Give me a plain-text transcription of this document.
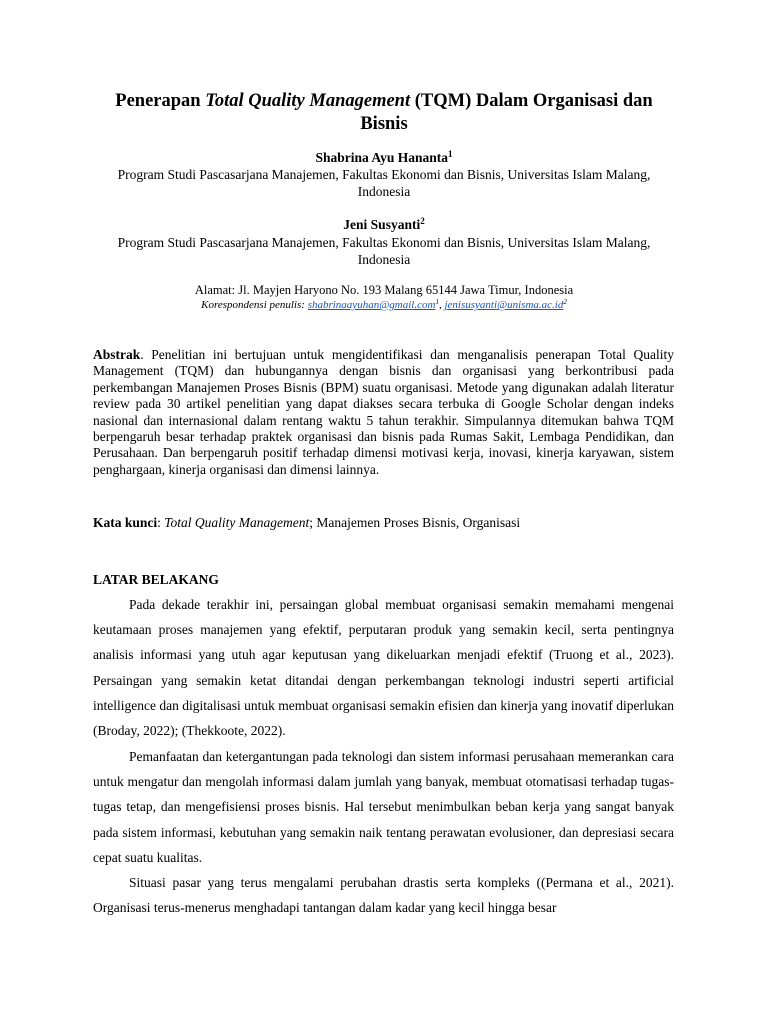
Penerapan Total Quality Management (TQM) Dalam Organisasi dan Bisnis
Shabrina Ayu Hananta$^1$

Program Studi Pascasarjana Manajemen, Fakultas Ekonomi dan Bisnis, Universitas Islam Malang, Indonesia

Jeni Susyanti$^2$

Program Studi Pascasarjana Manajemen, Fakultas Ekonomi dan Bisnis, Universitas Islam Malang, Indonesia

Alamat: Jl. Mayjen Haryono No. 193 Malang 65144 Jawa Timur, Indonesia
Korespondensi penulis: shabrinaayuhan@gmail.com$^1$, $jenisusyanti@unisma.ac.id^2$

Abstrak. Penelitian ini bertujuan untuk mengidentifikasi dan menganalisis penerapan Total Quality Management (TQM) dan hubungannya dengan bisnis dan organisasi yang berkontribusi pada perkembangan Manajemen Proses Bisnis (BPM) suatu organisasi. Metode yang digunakan adalah literatur review pada 30 artikel penelitian yang dapat diakses secara terbuka di Google Scholar dengan indeks nasional dan internasional dalam rentang waktu 5 tahun terakhir. Simpulannya ditemukan bahwa TQM berpengaruh besar terhadap praktek organisasi dan bisnis pada Rumas Sakit, Lembaga Pendidikan, dan Perusahaan. Dan berpengaruh positif terhadap dimensi motivasi kerja, inovasi, kinerja karyawan, sistem penghargaan, kinerja organisasi dan dimensi lainnya.

Kata kunci: Total Quality Management; Manajemen Proses Bisnis, Organisasi

LATAR BELAKANG

Pada dekade terakhir ini, persaingan global membuat organisasi semakin memahami mengenai keutamaan proses manajemen yang efektif, perputaran produk yang semakin kecil, serta pentingnya analisis informasi yang utuh agar keputusan yang dikeluarkan menjadi efektif (Truong et al., 2023). Persaingan yang semakin ketat ditandai dengan perkembangan teknologi industri seperti artificial intelligence dan digitalisasi untuk membuat organisasi semakin efisien dan kinerja yang inovatif diperlukan (Broday, 2022); (Thekkoote, 2022).

Pemanfaatan dan ketergantungan pada teknologi dan sistem informasi perusahaan memerankan cara untuk mengatur dan mengolah informasi dalam jumlah yang banyak, membuat otomatisasi terhadap tugas-tugas tetap, dan mengefisiensi proses bisnis. Hal tersebut menimbulkan beban kerja yang sangat banyak pada sistem informasi, kebutuhan yang semakin naik tentang perawatan evolusioner, dan depresiasi secara cepat suatu kualitas.

Situasi pasar yang terus mengalami perubahan drastis serta kompleks ((Permana et al., 2021). Organisasi terus-menerus menghadapi tantangan dalam kadar yang kecil hingga besar
